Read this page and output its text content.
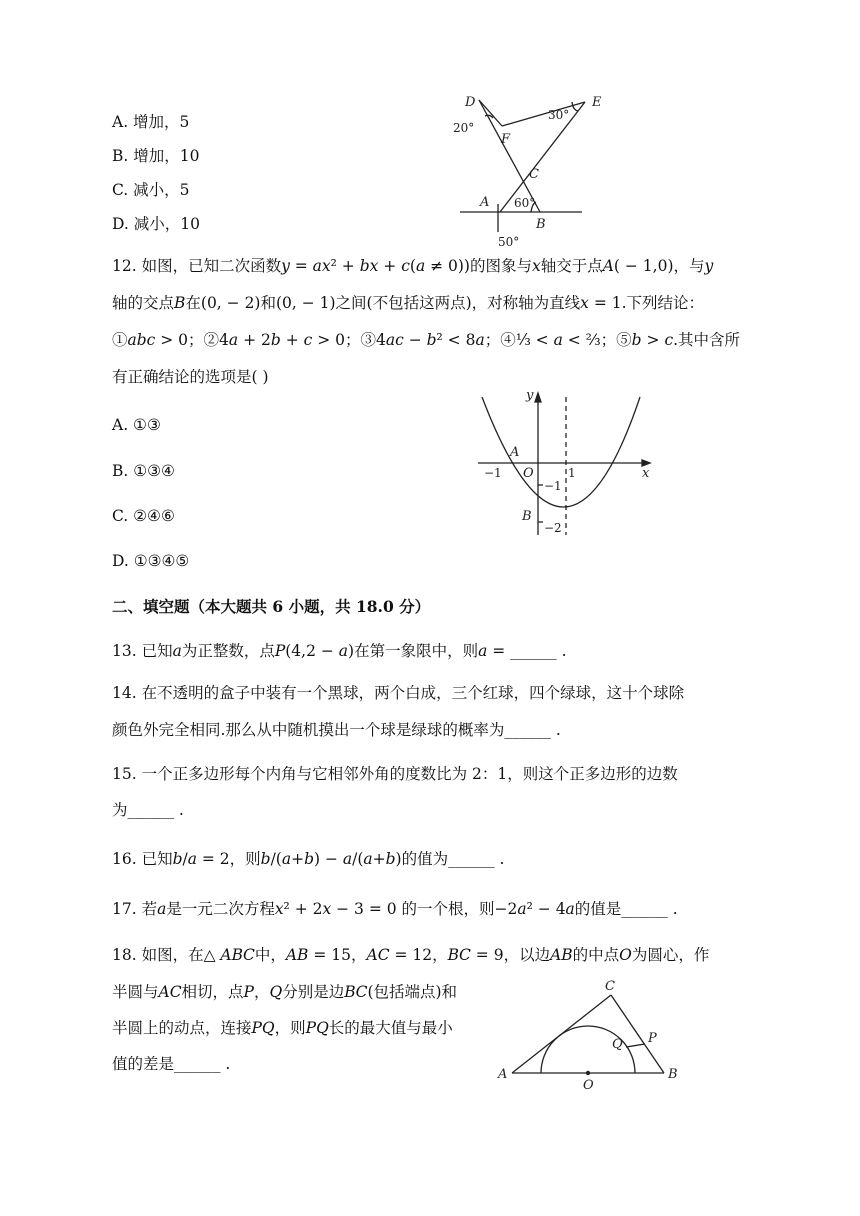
A. 增加，5
B. 增加，10
C. 减小，5
D. 减小，10
D	E
F
C
A
B
20°
30°
60°
50°
12. 如图，已知二次函数𝑦 = 𝑎𝑥² + 𝑏𝑥 + 𝑐(𝑎 ≠ 0))的图象与𝑥轴交于点𝐴( − 1,0)，与𝑦
轴的交点𝐵在(0, − 2)和(0, − 1)之间(不包括这两点)，对称轴为直线𝑥 = 1.下列结论：
①𝑎𝑏𝑐 > 0；②4𝑎 + 2𝑏 + 𝑐 > 0；③4𝑎𝑐 − 𝑏² < 8𝑎；④⅓ < 𝑎 < ⅔；⑤𝑏 > 𝑐.其中含所
有正确结论的选项是( )
A. ①③
B. ①③④
C. ②④⑥
D. ①③④⑤
y
x
A
O
B
−1	1
−1
−2
二、填空题（本大题共 6 小题，共 18.0 分）
13. 已知𝑎为正整数，点𝑃(4,2 − 𝑎)在第一象限中，则𝑎 = ______ .
14. 在不透明的盒子中装有一个黑球，两个白成，三个红球，四个绿球，这十个球除
颜色外完全相同.那么从中随机摸出一个球是绿球的概率为______ .
15. 一个正多边形每个内角与它相邻外角的度数比为 2：1，则这个正多边形的边数
为______ .
16. 已知𝑏/𝑎 = 2，则𝑏/(𝑎+𝑏) − 𝑎/(𝑎+𝑏)的值为______ .
17. 若𝑎是一元二次方程𝑥² + 2𝑥 − 3 = 0 的一个根，则−2𝑎² − 4𝑎的值是______ .
18. 如图，在△ 𝐴𝐵𝐶中，𝐴𝐵 = 15，𝐴𝐶 = 12，𝐵𝐶 = 9，以边𝐴𝐵的中点𝑂为圆心，作
半圆与𝐴𝐶相切，点𝑃，𝑄分别是边𝐵𝐶(包括端点)和
半圆上的动点，连接𝑃𝑄，则𝑃𝑄长的最大值与最小
值的差是______ .
A	B
C
O
P
Q
